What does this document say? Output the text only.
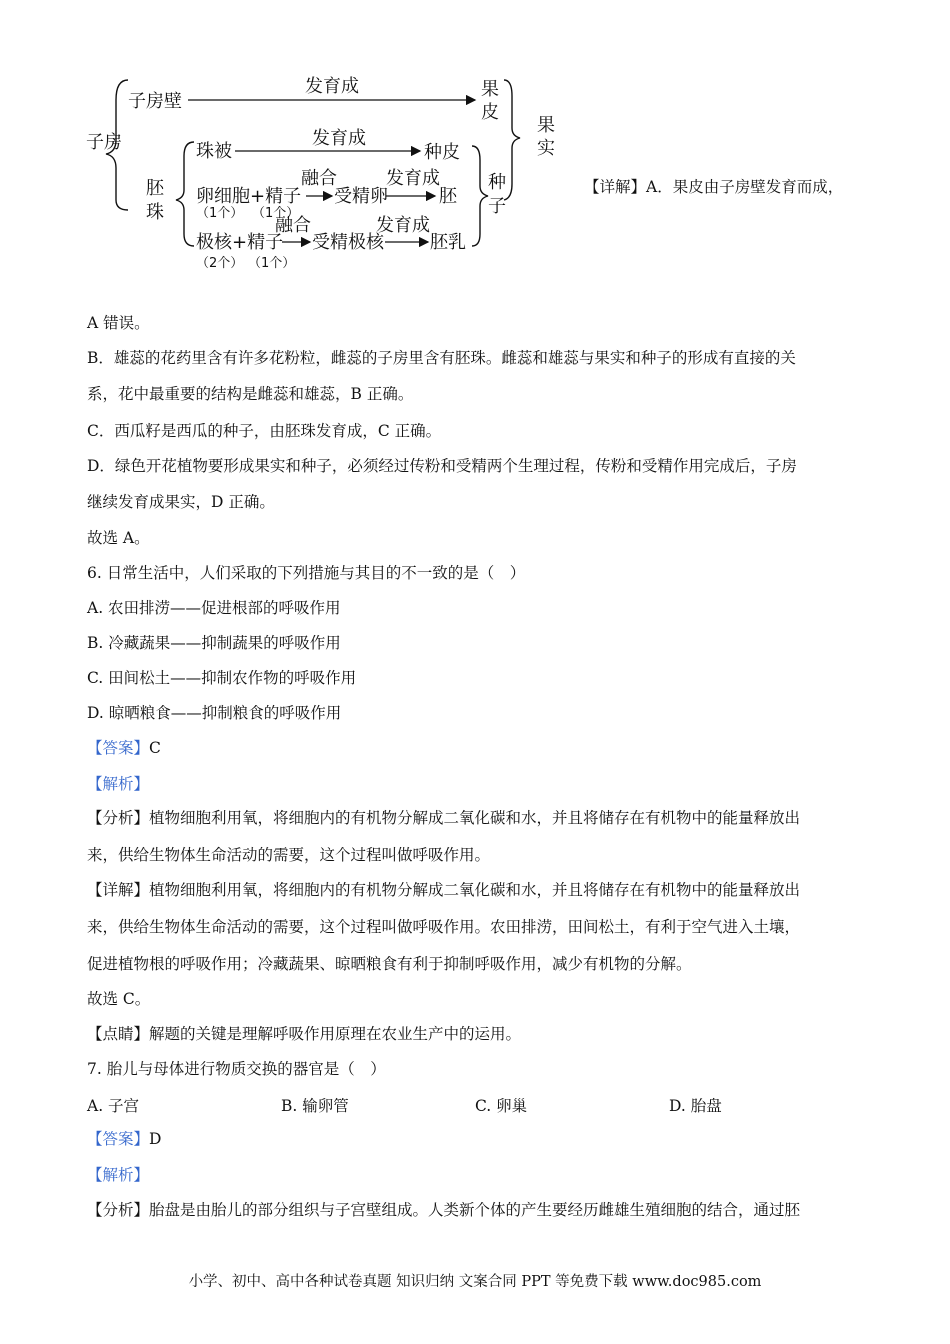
子房
子房壁
发育成	果
皮
果
实
胚
珠
珠被
发育成
种皮
卵细胞+精子
融合
受精卵
发育成
胚
（1个） （1个）
极核+精子
融合
受精极核
发育成
胚乳
（2个） （1个）
种
子
【详解】A．果皮由子房壁发育而成，
A 错误。
B．雄蕊的花药里含有许多花粉粒，雌蕊的子房里含有胚珠。雌蕊和雄蕊与果实和种子的形成有直接的关
系，花中最重要的结构是雌蕊和雄蕊，B 正确。
C．西瓜籽是西瓜的种子，由胚珠发育成，C 正确。
D．绿色开花植物要形成果实和种子，必须经过传粉和受精两个生理过程，传粉和受精作用完成后，子房
继续发育成果实，D 正确。
故选 A。
6. 日常生活中，人们采取的下列措施与其目的不一致的是（　）
A. 农田排涝——促进根部的呼吸作用
B. 冷藏蔬果——抑制蔬果的呼吸作用
C. 田间松土——抑制农作物的呼吸作用
D. 晾晒粮食——抑制粮食的呼吸作用
【答案】C
【解析】
【分析】植物细胞利用氧，将细胞内的有机物分解成二氧化碳和水，并且将储存在有机物中的能量释放出
来，供给生物体生命活动的需要，这个过程叫做呼吸作用。
【详解】植物细胞利用氧，将细胞内的有机物分解成二氧化碳和水，并且将储存在有机物中的能量释放出
来，供给生物体生命活动的需要，这个过程叫做呼吸作用。农田排涝，田间松土，有利于空气进入土壤，
促进植物根的呼吸作用；冷藏蔬果、晾晒粮食有利于抑制呼吸作用，减少有机物的分解。
故选 C。
【点睛】解题的关键是理解呼吸作用原理在农业生产中的运用。
7. 胎儿与母体进行物质交换的器官是（　）
A. 子宫	B. 输卵管	C. 卵巢	D. 胎盘
【答案】D
【解析】
【分析】胎盘是由胎儿的部分组织与子宫壁组成。人类新个体的产生要经历雌雄生殖细胞的结合，通过胚
小学、初中、高中各种试卷真题 知识归纳 文案合同 PPT 等免费下载 www.doc985.com
